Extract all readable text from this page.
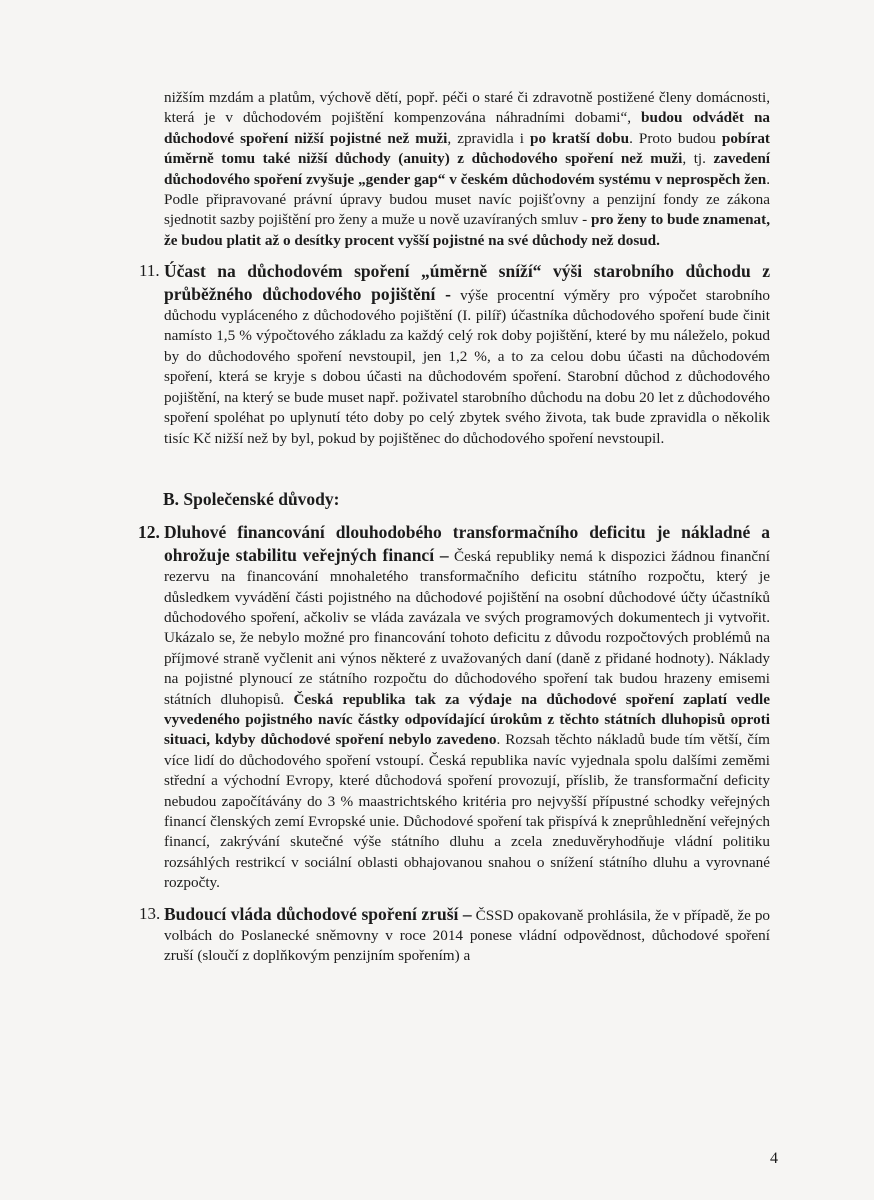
nižším mzdám a platům, výchově dětí, popř. péči o staré či zdravotně postižené členy domácnosti, která je v důchodovém pojištění kompenzována náhradními dobami“, budou odvádět na důchodové spoření nižší pojistné než muži, zpravidla i po kratší dobu. Proto budou pobírat úměrně tomu také nižší důchody (anuity) z důchodového spoření než muži, tj. zavedení důchodového spoření zvyšuje „gender gap“ v českém důchodovém systému v neprospěch žen. Podle připravované právní úpravy budou muset navíc pojišťovny a penzijní fondy ze zákona sjednotit sazby pojištění pro ženy a muže u nově uzavíraných smluv - pro ženy to bude znamenat, že budou platit až o desítky procent vyšší pojistné na své důchody než dosud.

11. Účast na důchodovém spoření „úměrně sníží“ výši starobního důchodu z průběžného důchodového pojištění - výše procentní výměry pro výpočet starobního důchodu vypláceného z důchodového pojištění (I. pilíř) účastníka důchodového spoření bude činit namísto 1,5 % výpočtového základu za každý celý rok doby pojištění, které by mu náleželo, pokud by do důchodového spoření nevstoupil, jen 1,2 %, a to za celou dobu účasti na důchodovém spoření, která se kryje s dobou účasti na důchodovém spoření. Starobní důchod z důchodového pojištění, na který se bude muset např. poživatel starobního důchodu na dobu 20 let z důchodového spoření spoléhat po uplynutí této doby po celý zbytek svého života, tak bude zpravidla o několik tisíc Kč nižší než by byl, pokud by pojištěnec do důchodového spoření nevstoupil.

B. Společenské důvody:
12. Dluhové financování dlouhodobého transformačního deficitu je nákladné a ohrožuje stabilitu veřejných financí – Česká republiky nemá k dispozici žádnou finanční rezervu na financování mnohaletého transformačního deficitu státního rozpočtu, který je důsledkem vyvádění části pojistného na důchodové pojištění na osobní důchodové účty účastníků důchodového spoření, ačkoliv se vláda zavázala ve svých programových dokumentech ji vytvořit. Ukázalo se, že nebylo možné pro financování tohoto deficitu z důvodu rozpočtových problémů na příjmové straně vyčlenit ani výnos některé z uvažovaných daní (daně z přidané hodnoty). Náklady na pojistné plynoucí ze státního rozpočtu do důchodového spoření tak budou hrazeny emisemi státních dluhopisů. Česká republika tak za výdaje na důchodové spoření zaplatí vedle vyvedeného pojistného navíc částky odpovídající úrokům z těchto státních dluhopisů oproti situaci, kdyby důchodové spoření nebylo zavedeno. Rozsah těchto nákladů bude tím větší, čím více lidí do důchodového spoření vstoupí. Česká republika navíc vyjednala spolu dalšími zeměmi střední a východní Evropy, které důchodová spoření provozují, příslib, že transformační deficity nebudou započítávány do 3 % maastrichtského kritéria pro nejvyšší přípustné schodky veřejných financí členských zemí Evropské unie. Důchodové spoření tak přispívá k zneprůhlednění veřejných financí, zakrývání skutečné výše státního dluhu a zcela zneduvěryhodňuje vládní politiku rozsáhlých restrikcí v sociální oblasti obhajovanou snahou o snížení státního dluhu a vyrovnané rozpočty.

13. Budoucí vláda důchodové spoření zruší – ČSSD opakovaně prohlásila, že v případě, že po volbách do Poslanecké sněmovny v roce 2014 ponese vládní odpovědnost, důchodové spoření zruší (sloučí z doplňkovým penzijním spořením) a

4
